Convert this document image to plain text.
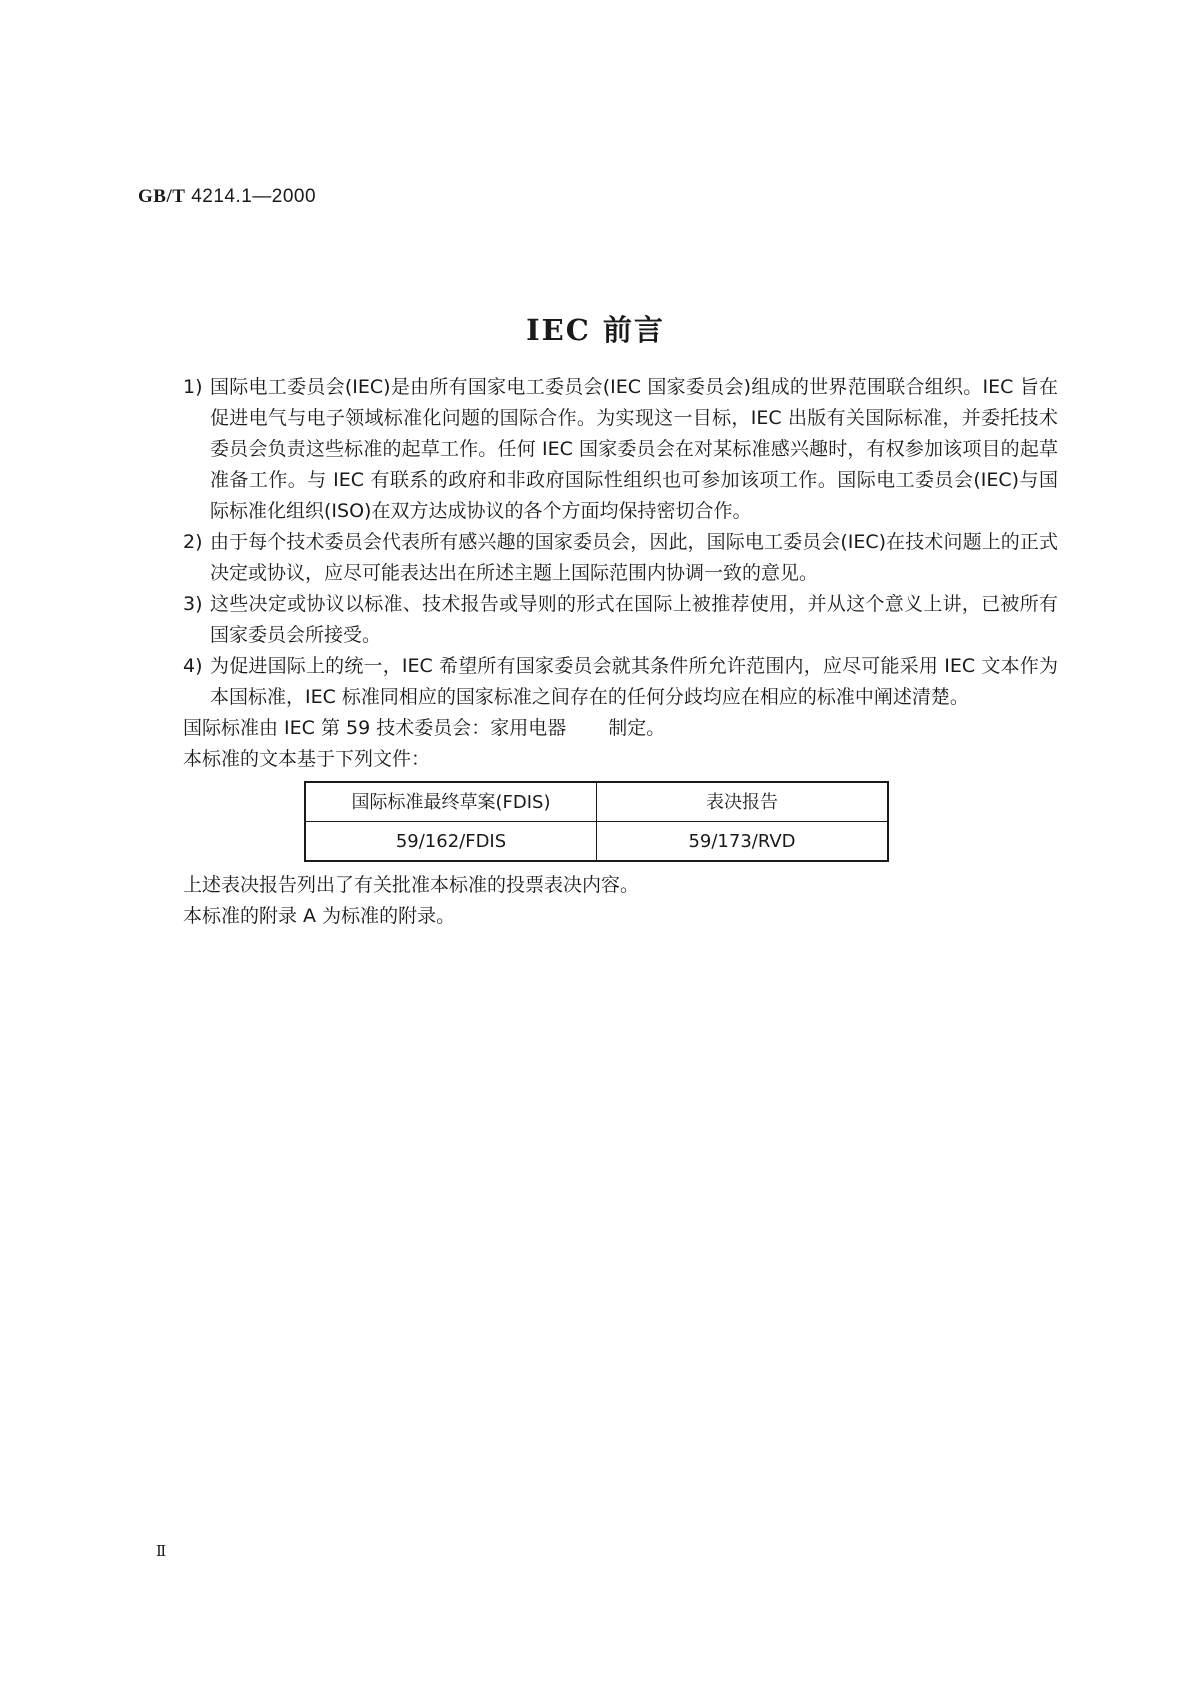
GB/T 4214.1—2000
IEC 前言
1) 国际电工委员会(IEC)是由所有国家电工委员会(IEC 国家委员会)组成的世界范围联合组织。IEC 旨在促进电气与电子领域标准化问题的国际合作。为实现这一目标，IEC 出版有关国际标准，并委托技术委员会负责这些标准的起草工作。任何 IEC 国家委员会在对某标准感兴趣时，有权参加该项目的起草准备工作。与 IEC 有联系的政府和非政府国际性组织也可参加该项工作。国际电工委员会(IEC)与国际标准化组织(ISO)在双方达成协议的各个方面均保持密切合作。
2) 由于每个技术委员会代表所有感兴趣的国家委员会，因此，国际电工委员会(IEC)在技术问题上的正式决定或协议，应尽可能表达出在所述主题上国际范围内协调一致的意见。
3) 这些决定或协议以标准、技术报告或导则的形式在国际上被推荐使用，并从这个意义上讲，已被所有国家委员会所接受。
4) 为促进国际上的统一，IEC 希望所有国家委员会就其条件所允许范围内，应尽可能采用 IEC 文本作为本国标准，IEC 标准同相应的国家标准之间存在的任何分歧均应在相应的标准中阐述清楚。
国际标准由 IEC 第 59 技术委员会：家用电器 制定。
本标准的文本基于下列文件：
国际标准最终草案(FDIS)	表决报告
59/162/FDIS	59/173/RVD
上述表决报告列出了有关批准本标准的投票表决内容。
本标准的附录 A 为标准的附录。
Ⅱ
